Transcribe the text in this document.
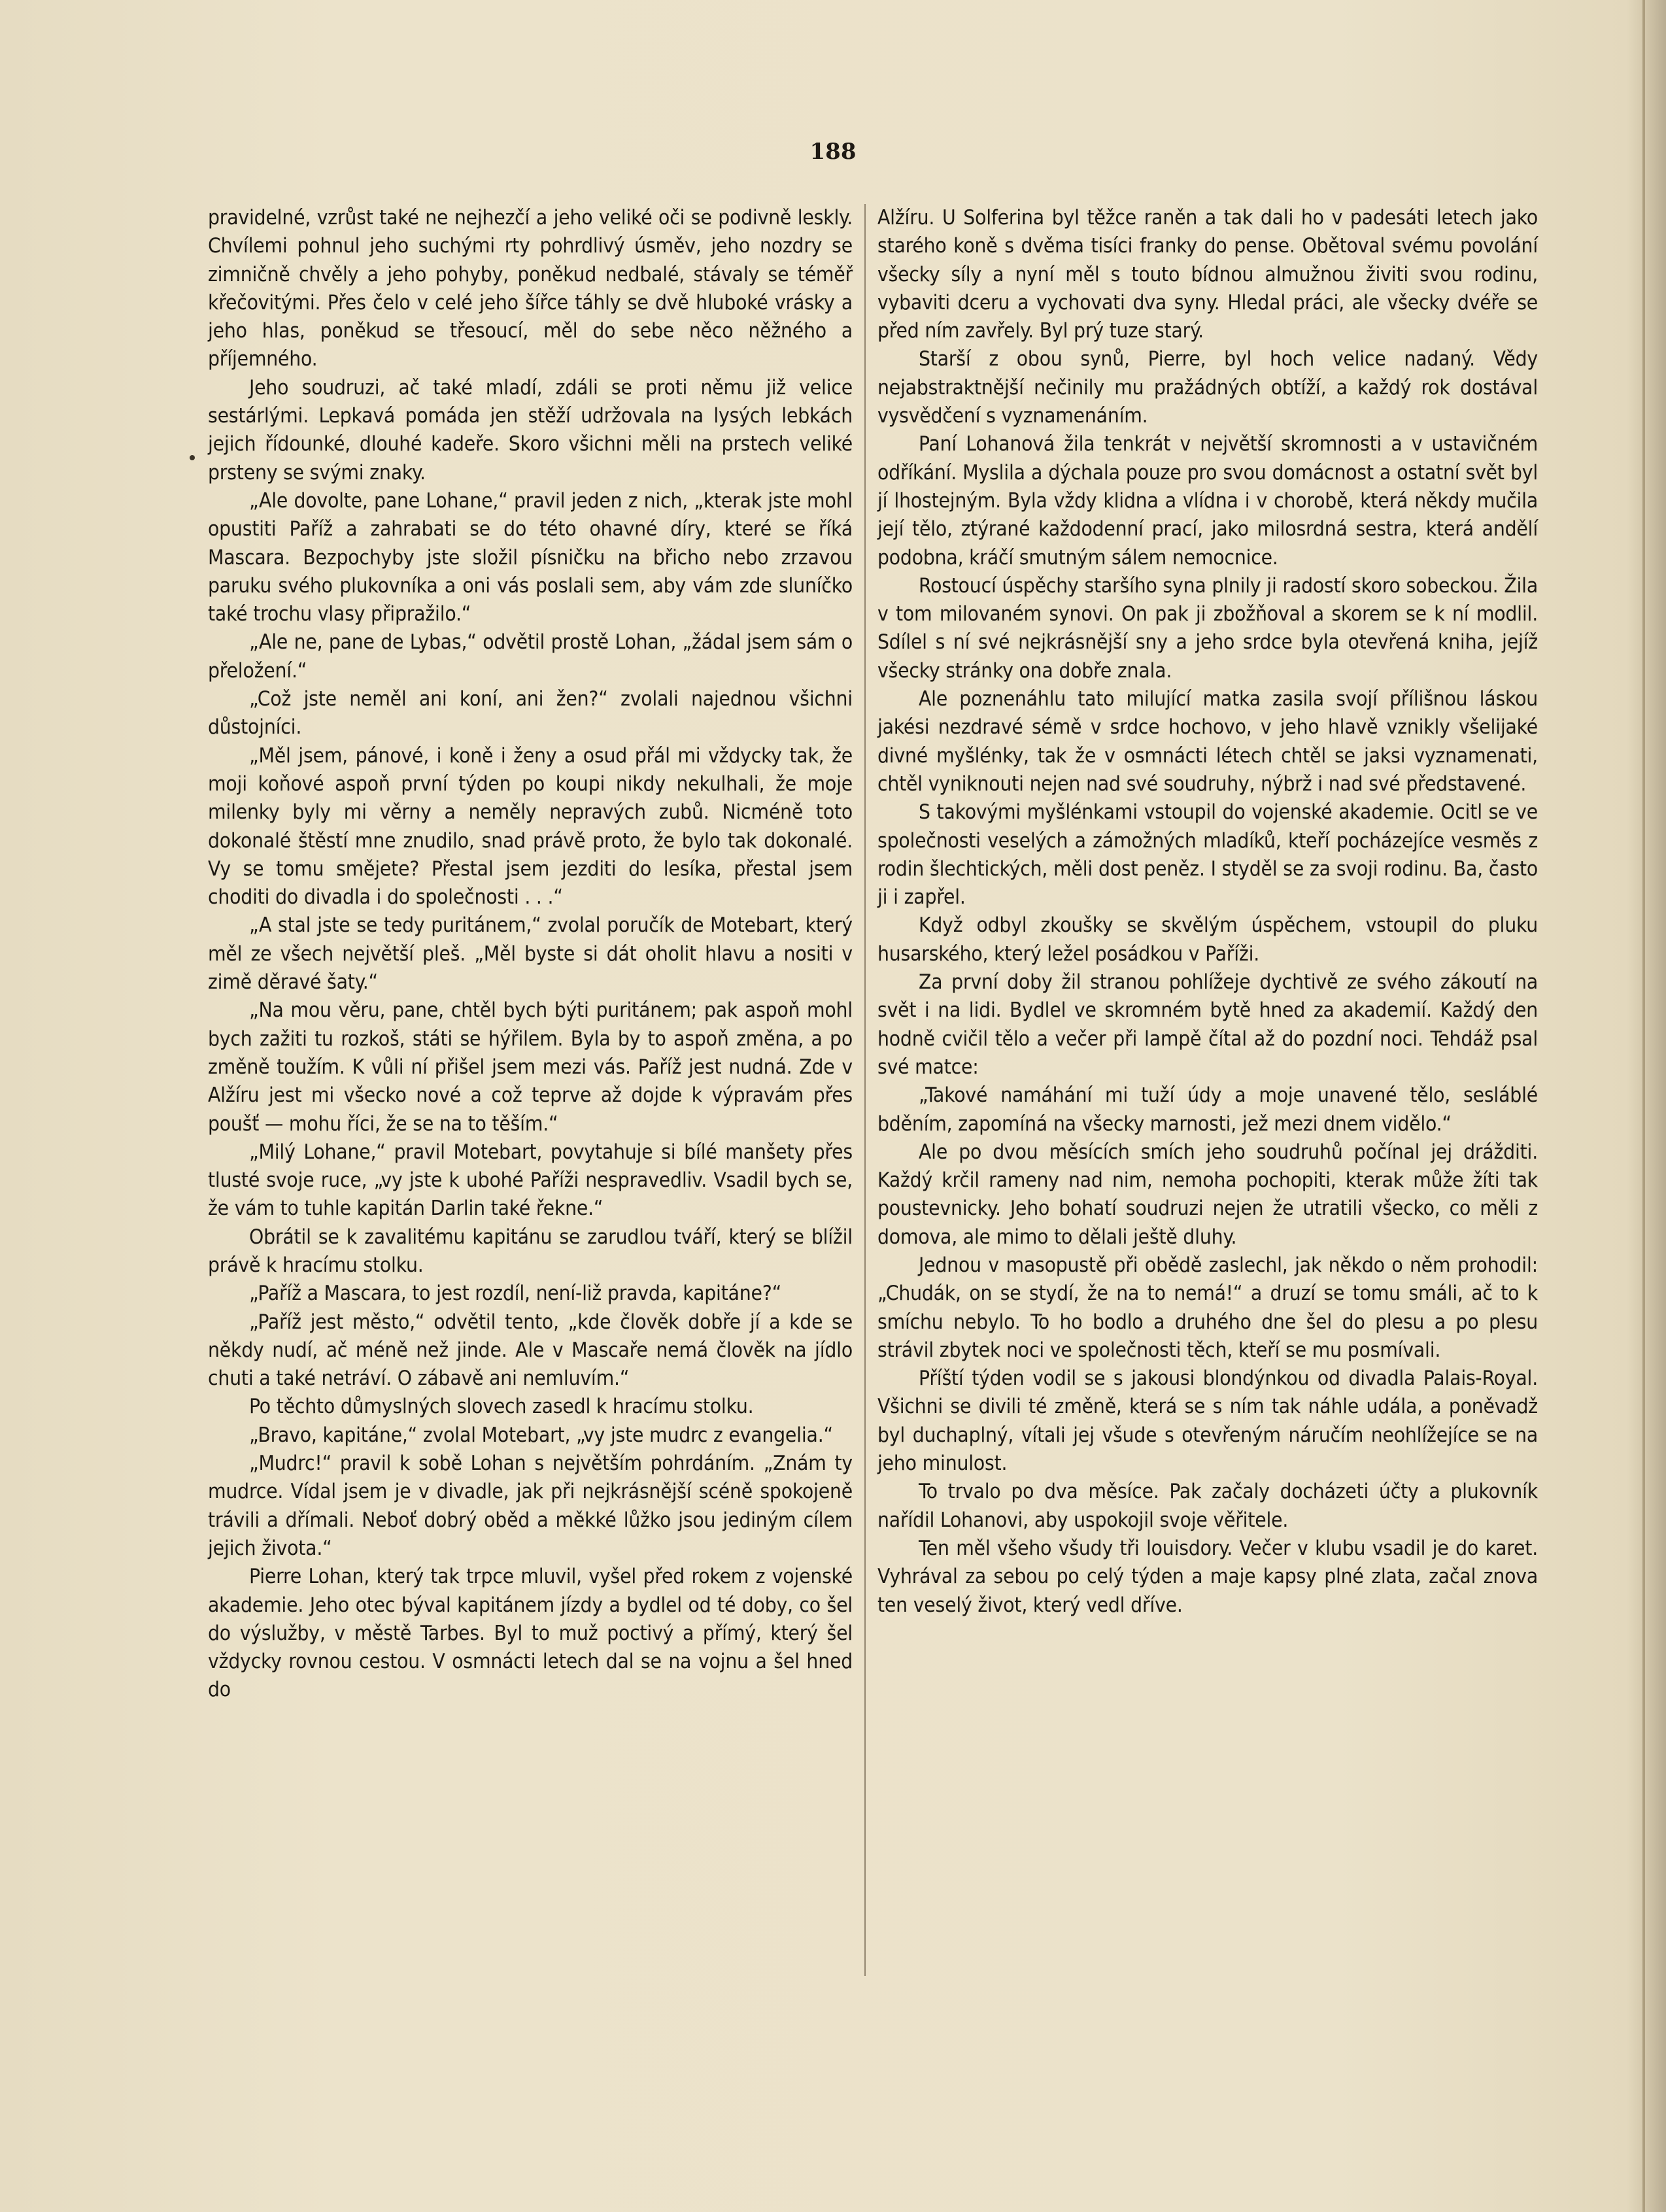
188

pravidelné, vzrůst také ne nejhezčí a jeho veliké oči se podivně leskly. Chvílemi pohnul jeho suchými rty pohrdlivý úsměv, jeho nozdry se zimničně chvěly a jeho pohyby, poněkud nedbalé, stávaly se téměř křečovitými. Přes čelo v celé jeho šířce táhly se dvě hluboké vrásky a jeho hlas, poněkud se třesoucí, měl do sebe něco něžného a příjemného.

Jeho soudruzi, ač také mladí, zdáli se proti němu již velice sestárlými. Lepkavá pomáda jen stěží udržovala na lysých lebkách jejich řídounké, dlouhé kadeře. Skoro všichni měli na prstech veliké prsteny se svými znaky.

„Ale dovolte, pane Lohane,“ pravil jeden z nich, „kterak jste mohl opustiti Paříž a zahrabati se do této ohavné díry, které se říká Mascara. Bezpochyby jste složil písničku na břicho nebo zrzavou paruku svého plukovníka a oni vás poslali sem, aby vám zde sluníčko také trochu vlasy připražilo.“

„Ale ne, pane de Lybas,“ odvětil prostě Lohan, „žádal jsem sám o přeložení.“

„Což jste neměl ani koní, ani žen?“ zvolali najednou všichni důstojníci.

„Měl jsem, pánové, i koně i ženy a osud přál mi vždycky tak, že moji koňové aspoň první týden po koupi nikdy nekulhali, že moje milenky byly mi věrny a neměly nepravých zubů. Nicméně toto dokonalé štěstí mne znudilo, snad právě proto, že bylo tak dokonalé. Vy se tomu smějete? Přestal jsem jezditi do lesíka, přestal jsem choditi do divadla i do společnosti . . .“

„A stal jste se tedy puritánem,“ zvolal poručík de Motebart, který měl ze všech největší pleš. „Měl byste si dát oholit hlavu a nositi v zimě děravé šaty.“

„Na mou věru, pane, chtěl bych býti puritánem; pak aspoň mohl bych zažiti tu rozkoš, státi se hýřilem. Byla by to aspoň změna, a po změně toužím. K vůli ní přišel jsem mezi vás. Paříž jest nudná. Zde v Alžíru jest mi všecko nové a což teprve až dojde k výpravám přes poušť — mohu říci, že se na to těším.“

„Milý Lohane,“ pravil Motebart, povytahuje si bílé manšety přes tlusté svoje ruce, „vy jste k ubohé Paříži nespravedliv. Vsadil bych se, že vám to tuhle kapitán Darlin také řekne.“

Obrátil se k zavalitému kapitánu se zarudlou tváří, který se blížil právě k hracímu stolku.

„Paříž a Mascara, to jest rozdíl, není-liž pravda, kapitáne?“

„Paříž jest město,“ odvětil tento, „kde člověk dobře jí a kde se někdy nudí, ač méně než jinde. Ale v Mascaře nemá člověk na jídlo chuti a také netráví. O zábavě ani nemluvím.“

Po těchto důmyslných slovech zasedl k hracímu stolku.

„Bravo, kapitáne,“ zvolal Motebart, „vy jste mudrc z evangelia.“

„Mudrc!“ pravil k sobě Lohan s největším pohrdáním. „Znám ty mudrce. Vídal jsem je v divadle, jak při nejkrásnější scéně spokojeně trávili a dřímali. Neboť dobrý oběd a měkké lůžko jsou jediným cílem jejich života.“

Pierre Lohan, který tak trpce mluvil, vyšel před rokem z vojenské akademie. Jeho otec býval kapitánem jízdy a bydlel od té doby, co šel do výslužby, v městě Tarbes. Byl to muž poctivý a přímý, který šel vždycky rovnou cestou. V osmnácti letech dal se na vojnu a šel hned do

Alžíru. U Solferina byl těžce raněn a tak dali ho v padesáti letech jako starého koně s dvěma tisíci franky do pense. Obětoval svému povolání všecky síly a nyní měl s touto bídnou almužnou živiti svou rodinu, vybaviti dceru a vychovati dva syny. Hledal práci, ale všecky dvéře se před ním zavřely. Byl prý tuze starý.

Starší z obou synů, Pierre, byl hoch velice nadaný. Vědy nejabstraktnější nečinily mu pražádných obtíží, a každý rok dostával vysvědčení s vyznamenáním.

Paní Lohanová žila tenkrát v největší skromnosti a v ustavičném odříkání. Myslila a dýchala pouze pro svou domácnost a ostatní svět byl jí lhostejným. Byla vždy klidna a vlídna i v chorobě, která někdy mučila její tělo, ztýrané každodenní prací, jako milosrdná sestra, která andělí podobna, kráčí smutným sálem nemocnice.

Rostoucí úspěchy staršího syna plnily ji radostí skoro sobeckou. Žila v tom milovaném synovi. On pak ji zbožňoval a skorem se k ní modlil. Sdílel s ní své nejkrásnější sny a jeho srdce byla otevřená kniha, jejíž všecky stránky ona dobře znala.

Ale poznenáhlu tato milující matka zasila svojí přílišnou láskou jakési nezdravé sémě v srdce hochovo, v jeho hlavě vznikly všelijaké divné myšlénky, tak že v osmnácti létech chtěl se jaksi vyznamenati, chtěl vyniknouti nejen nad své soudruhy, nýbrž i nad své představené.

S takovými myšlénkami vstoupil do vojenské akademie. Ocitl se ve společnosti veselých a zámožných mladíků, kteří pocházejíce vesměs z rodin šlechtických, měli dost peněz. I styděl se za svoji rodinu. Ba, často ji i zapřel.

Když odbyl zkoušky se skvělým úspěchem, vstoupil do pluku husarského, který ležel posádkou v Paříži.

Za první doby žil stranou pohlížeje dychtivě ze svého zákoutí na svět i na lidi. Bydlel ve skromném bytě hned za akademií. Každý den hodně cvičil tělo a večer při lampě čítal až do pozdní noci. Tehdáž psal své matce:

„Takové namáhání mi tuží údy a moje unavené tělo, sesláblé bděním, zapomíná na všecky marnosti, jež mezi dnem vidělo.“

Ale po dvou měsících smích jeho soudruhů počínal jej drážditi. Každý krčil rameny nad nim, nemoha pochopiti, kterak může žíti tak poustevnicky. Jeho bohatí soudruzi nejen že utratili všecko, co měli z domova, ale mimo to dělali ještě dluhy.

Jednou v masopustě při obědě zaslechl, jak někdo o něm prohodil: „Chudák, on se stydí, že na to nemá!“ a druzí se tomu smáli, ač to k smíchu nebylo. To ho bodlo a druhého dne šel do plesu a po plesu strávil zbytek noci ve společnosti těch, kteří se mu posmívali.

Příští týden vodil se s jakousi blondýnkou od divadla Palais-Royal. Všichni se divili té změně, která se s ním tak náhle udála, a poněvadž byl duchaplný, vítali jej všude s otevřeným náručím neohlížejíce se na jeho minulost.

To trvalo po dva měsíce. Pak začaly docházeti účty a plukovník nařídil Lohanovi, aby uspokojil svoje věřitele.

Ten měl všeho všudy tři louisdory. Večer v klubu vsadil je do karet. Vyhrával za sebou po celý týden a maje kapsy plné zlata, začal znova ten veselý život, který vedl dříve.
